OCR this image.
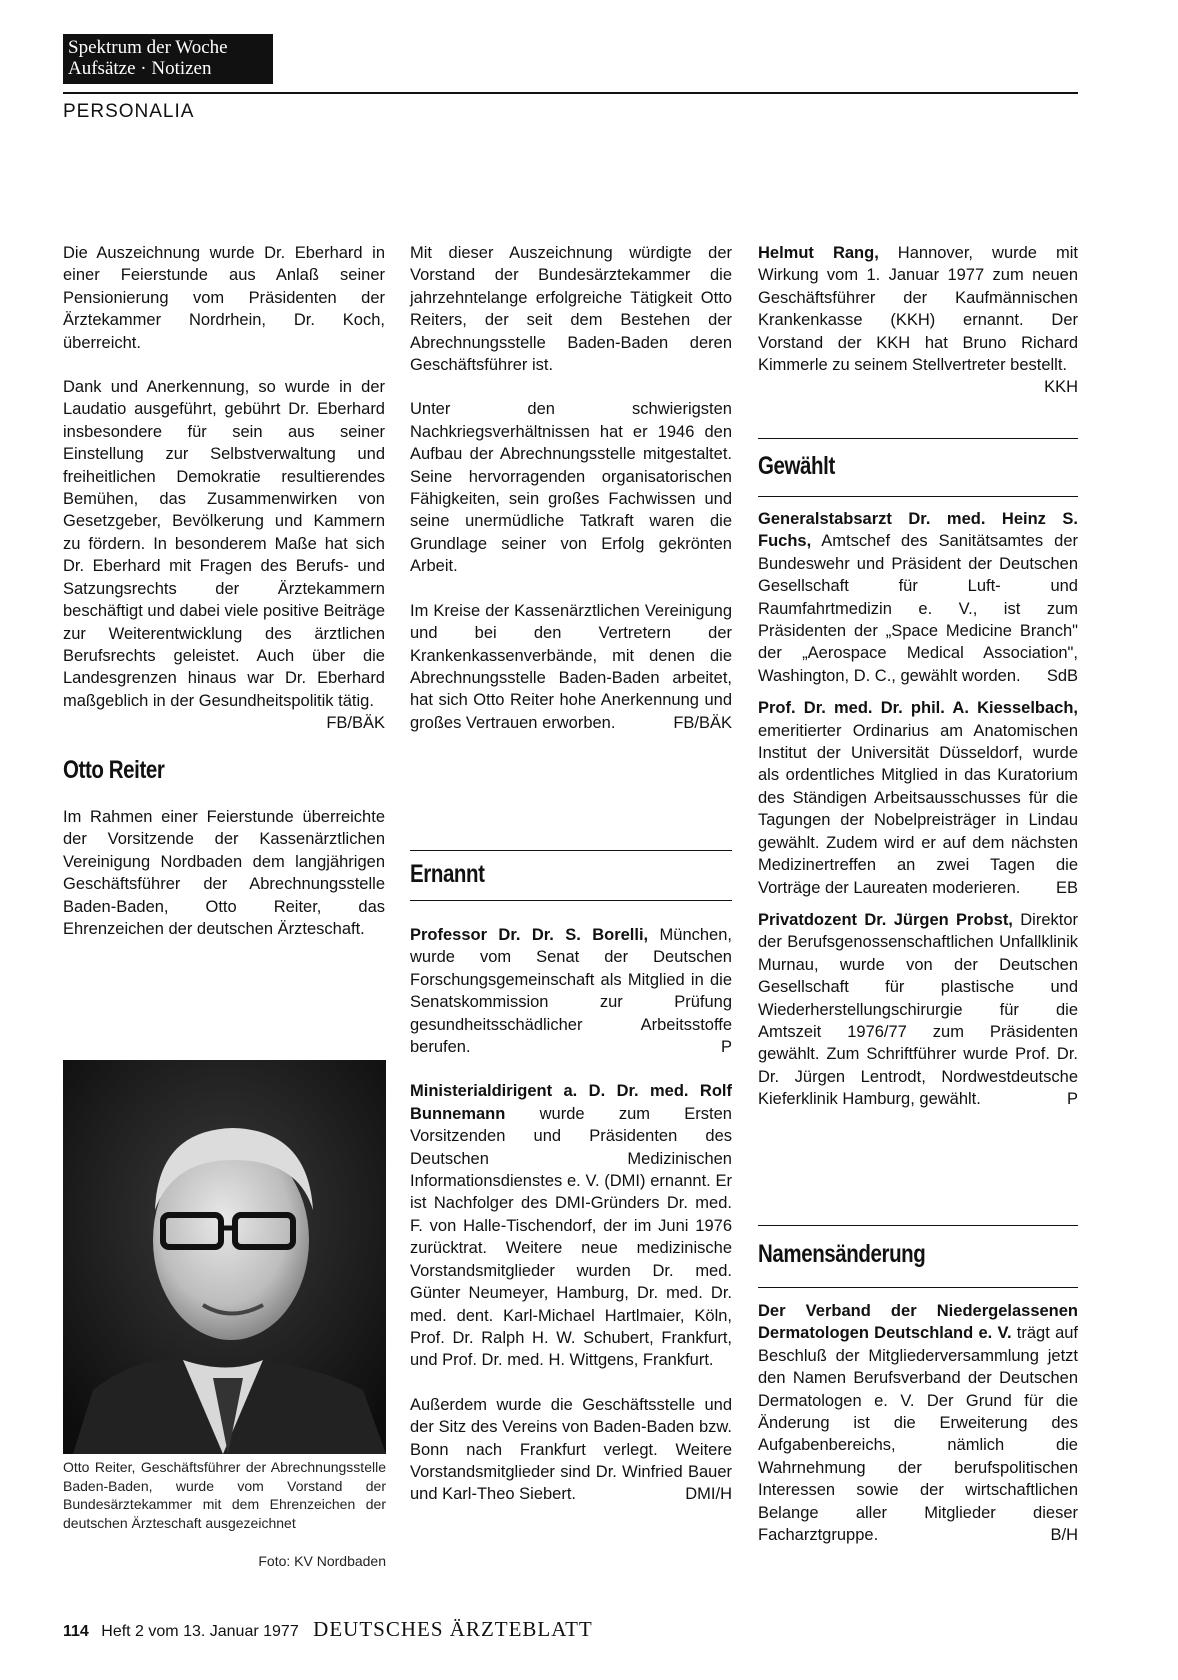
Spektrum der Woche
Aufsätze · Notizen
PERSONALIA

Die Auszeichnung wurde Dr. Eberhard in einer Feierstunde aus Anlaß seiner Pensionierung vom Präsidenten der Ärztekammer Nordrhein, Dr. Koch, überreicht.

Dank und Anerkennung, so wurde in der Laudatio ausgeführt, gebührt Dr. Eberhard insbesondere für sein aus seiner Einstellung zur Selbstverwaltung und freiheitlichen Demokratie resultierendes Bemühen, das Zusammenwirken von Gesetzgeber, Bevölkerung und Kammern zu fördern. In besonderem Maße hat sich Dr. Eberhard mit Fragen des Berufs- und Satzungsrechts der Ärztekammern beschäftigt und dabei viele positive Beiträge zur Weiterentwicklung des ärztlichen Berufsrechts geleistet. Auch über die Landesgrenzen hinaus war Dr. Eberhard maßgeblich in der Gesundheitspolitik tätig.
FB/BÄK

Otto Reiter

Im Rahmen einer Feierstunde überreichte der Vorsitzende der Kassenärztlichen Vereinigung Nordbaden dem langjährigen Geschäftsführer der Abrechnungsstelle Baden-Baden, Otto Reiter, das Ehrenzeichen der deutschen Ärzteschaft.

Otto Reiter, Geschäftsführer der Abrechnungsstelle Baden-Baden, wurde vom Vorstand der Bundesärztekammer mit dem Ehrenzeichen der deutschen Ärzteschaft ausgezeichnet
Foto: KV Nordbaden

Mit dieser Auszeichnung würdigte der Vorstand der Bundesärztekammer die jahrzehntelange erfolgreiche Tätigkeit Otto Reiters, der seit dem Bestehen der Abrechnungsstelle Baden-Baden deren Geschäftsführer ist.

Unter den schwierigsten Nachkriegsverhältnissen hat er 1946 den Aufbau der Abrechnungsstelle mitgestaltet. Seine hervorragenden organisatorischen Fähigkeiten, sein großes Fachwissen und seine unermüdliche Tatkraft waren die Grundlage seiner von Erfolg gekrönten Arbeit.

Im Kreise der Kassenärztlichen Vereinigung und bei den Vertretern der Krankenkassenverbände, mit denen die Abrechnungsstelle Baden-Baden arbeitet, hat sich Otto Reiter hohe Anerkennung und großes Vertrauen erworben.	FB/BÄK

Ernannt

Professor Dr. Dr. S. Borelli, München, wurde vom Senat der Deutschen Forschungsgemeinschaft als Mitglied in die Senatskommission zur Prüfung gesundheitsschädlicher Arbeitsstoffe berufen.	P

Ministerialdirigent a. D. Dr. med. Rolf Bunnemann wurde zum Ersten Vorsitzenden und Präsidenten des Deutschen Medizinischen Informationsdienstes e. V. (DMI) ernannt. Er ist Nachfolger des DMI-Gründers Dr. med. F. von Halle-Tischendorf, der im Juni 1976 zurücktrat. Weitere neue medizinische Vorstandsmitglieder wurden Dr. med. Günter Neumeyer, Hamburg, Dr. med. Dr. med. dent. Karl-Michael Hartlmaier, Köln, Prof. Dr. Ralph H. W. Schubert, Frankfurt, und Prof. Dr. med. H. Wittgens, Frankfurt.

Außerdem wurde die Geschäftsstelle und der Sitz des Vereins von Baden-Baden bzw. Bonn nach Frankfurt verlegt. Weitere Vorstandsmitglieder sind Dr. Winfried Bauer und Karl-Theo Siebert.	DMI/H

Helmut Rang, Hannover, wurde mit Wirkung vom 1. Januar 1977 zum neuen Geschäftsführer der Kaufmännischen Krankenkasse (KKH) ernannt. Der Vorstand der KKH hat Bruno Richard Kimmerle zu seinem Stellvertreter bestellt.
KKH

Gewählt

Generalstabsarzt Dr. med. Heinz S. Fuchs, Amtschef des Sanitätsamtes der Bundeswehr und Präsident der Deutschen Gesellschaft für Luft- und Raumfahrtmedizin e. V., ist zum Präsidenten der „Space Medicine Branch" der „Aerospace Medical Association", Washington, D. C., gewählt worden. SdB

Prof. Dr. med. Dr. phil. A. Kiesselbach, emeritierter Ordinarius am Anatomischen Institut der Universität Düsseldorf, wurde als ordentliches Mitglied in das Kuratorium des Ständigen Arbeitsausschusses für die Tagungen der Nobelpreisträger in Lindau gewählt. Zudem wird er auf dem nächsten Medizinertreffen an zwei Tagen die Vorträge der Laureaten moderieren. EB

Privatdozent Dr. Jürgen Probst, Direktor der Berufsgenossenschaftlichen Unfallklinik Murnau, wurde von der Deutschen Gesellschaft für plastische und Wiederherstellungschirurgie für die Amtszeit 1976/77 zum Präsidenten gewählt. Zum Schriftführer wurde Prof. Dr. Dr. Jürgen Lentrodt, Nordwestdeutsche Kieferklinik Hamburg, gewählt.	P

Namensänderung

Der Verband der Niedergelassenen Dermatologen Deutschland e. V. trägt auf Beschluß der Mitgliederversammlung jetzt den Namen Berufsverband der Deutschen Dermatologen e. V. Der Grund für die Änderung ist die Erweiterung des Aufgabenbereichs, nämlich die Wahrnehmung der berufspolitischen Interessen sowie der wirtschaftlichen Belange aller Mitglieder dieser Facharztgruppe.	B/H

114 Heft 2 vom 13. Januar 1977 DEUTSCHES ÄRZTEBLATT
